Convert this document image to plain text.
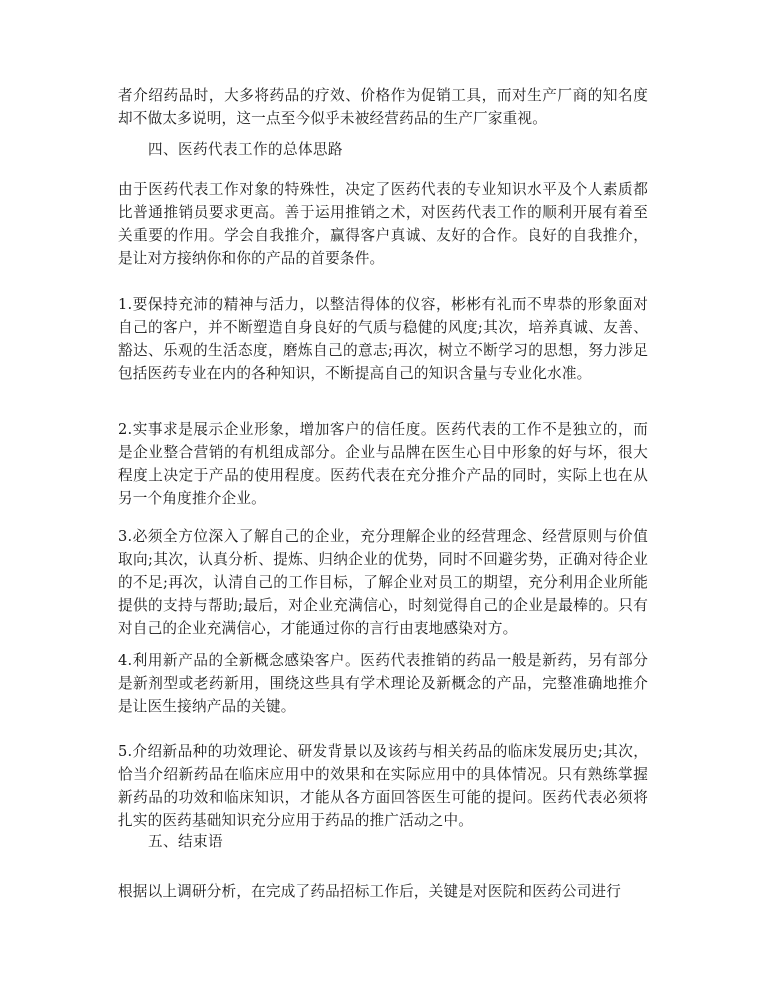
者介绍药品时，大多将药品的疗效、价格作为促销工具，而对生产厂商的知名度却不做太多说明，这一点至今似乎未被经营药品的生产厂家重视。

四、医药代表工作的总体思路

由于医药代表工作对象的特殊性，决定了医药代表的专业知识水平及个人素质都比普通推销员要求更高。善于运用推销之术，对医药代表工作的顺利开展有着至关重要的作用。学会自我推介，赢得客户真诚、友好的合作。良好的自我推介，是让对方接纳你和你的产品的首要条件。

1.要保持充沛的精神与活力，以整洁得体的仪容，彬彬有礼而不卑恭的形象面对自己的客户，并不断塑造自身良好的气质与稳健的风度;其次，培养真诚、友善、豁达、乐观的生活态度，磨炼自己的意志;再次，树立不断学习的思想，努力涉足包括医药专业在内的各种知识，不断提高自己的知识含量与专业化水准。

2.实事求是展示企业形象，增加客户的信任度。医药代表的工作不是独立的，而是企业整合营销的有机组成部分。企业与品牌在医生心目中形象的好与坏，很大程度上决定于产品的使用程度。医药代表在充分推介产品的同时，实际上也在从另一个角度推介企业。

3.必须全方位深入了解自己的企业，充分理解企业的经营理念、经营原则与价值取向;其次，认真分析、提炼、归纳企业的优势，同时不回避劣势，正确对待企业的不足;再次，认清自己的工作目标，了解企业对员工的期望，充分利用企业所能提供的支持与帮助;最后，对企业充满信心，时刻觉得自己的企业是最棒的。只有对自己的企业充满信心，才能通过你的言行由衷地感染对方。

4.利用新产品的全新概念感染客户。医药代表推销的药品一般是新药，另有部分是新剂型或老药新用，围绕这些具有学术理论及新概念的产品，完整准确地推介是让医生接纳产品的关键。

5.介绍新品种的功效理论、研发背景以及该药与相关药品的临床发展历史;其次，恰当介绍新药品在临床应用中的效果和在实际应用中的具体情况。只有熟练掌握新药品的功效和临床知识，才能从各方面回答医生可能的提问。医药代表必须将扎实的医药基础知识充分应用于药品的推广活动之中。

五、结束语

根据以上调研分析，在完成了药品招标工作后，关键是对医院和医药公司进行
